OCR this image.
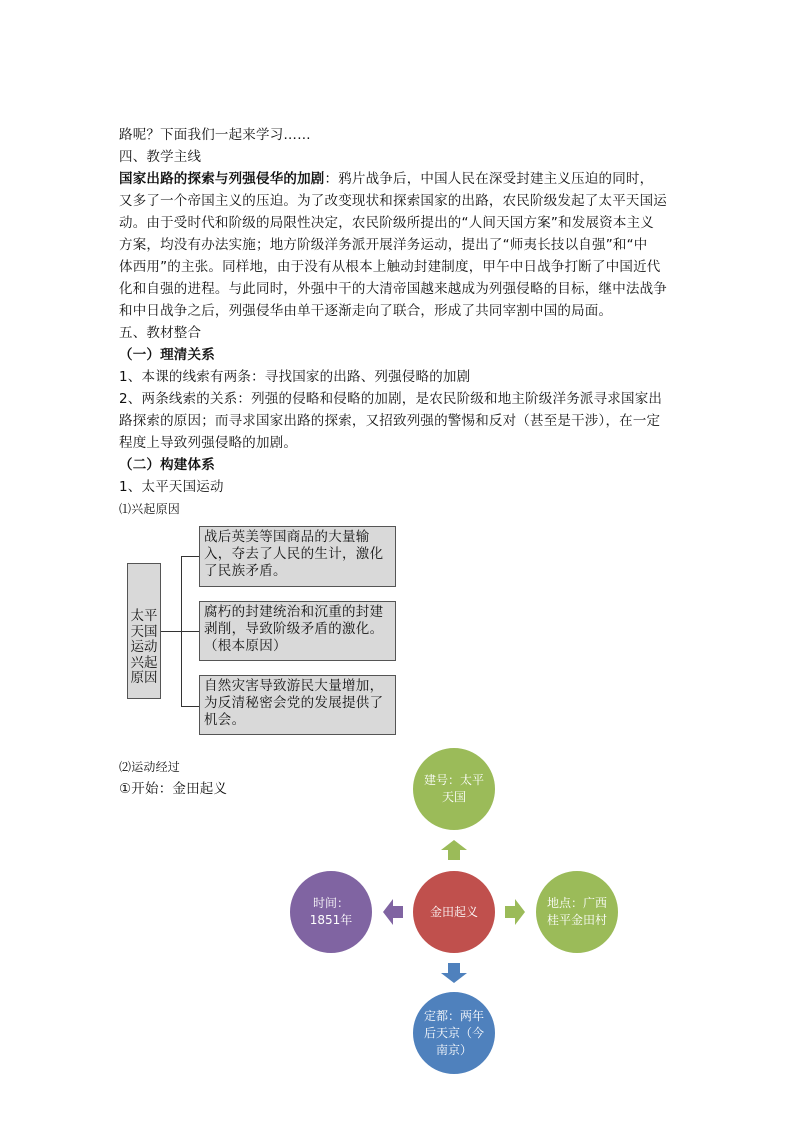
路呢？下面我们一起来学习……
四、教学主线
国家出路的探索与列强侵华的加剧：鸦片战争后，中国人民在深受封建主义压迫的同时，
又多了一个帝国主义的压迫。为了改变现状和探索国家的出路，农民阶级发起了太平天国运
动。由于受时代和阶级的局限性决定，农民阶级所提出的“人间天国方案”和发展资本主义
方案，均没有办法实施；地方阶级洋务派开展洋务运动，提出了“师夷长技以自强”和“中
体西用”的主张。同样地，由于没有从根本上触动封建制度，甲午中日战争打断了中国近代
化和自强的进程。与此同时，外强中干的大清帝国越来越成为列强侵略的目标，继中法战争
和中日战争之后，列强侵华由单干逐渐走向了联合，形成了共同宰割中国的局面。
五、教材整合
（一）理清关系
1、本课的线索有两条：寻找国家的出路、列强侵略的加剧
2、两条线索的关系：列强的侵略和侵略的加剧，是农民阶级和地主阶级洋务派寻求国家出
路探索的原因；而寻求国家出路的探索，又招致列强的警惕和反对（甚至是干涉），在一定
程度上导致列强侵略的加剧。
（二）构建体系
1、太平天国运动
⑴兴起原因
太平天国运动兴起原因
战后英美等国商品的大量输入，夺去了人民的生计，激化了民族矛盾。
腐朽的封建统治和沉重的封建剥削，导致阶级矛盾的激化。（根本原因）
自然灾害导致游民大量增加，为反清秘密会党的发展提供了机会。
⑵运动经过
①开始：金田起义
建号：太平天国
时间：1851年
金田起义
地点：广西桂平金田村
定都：两年后天京（今南京）
